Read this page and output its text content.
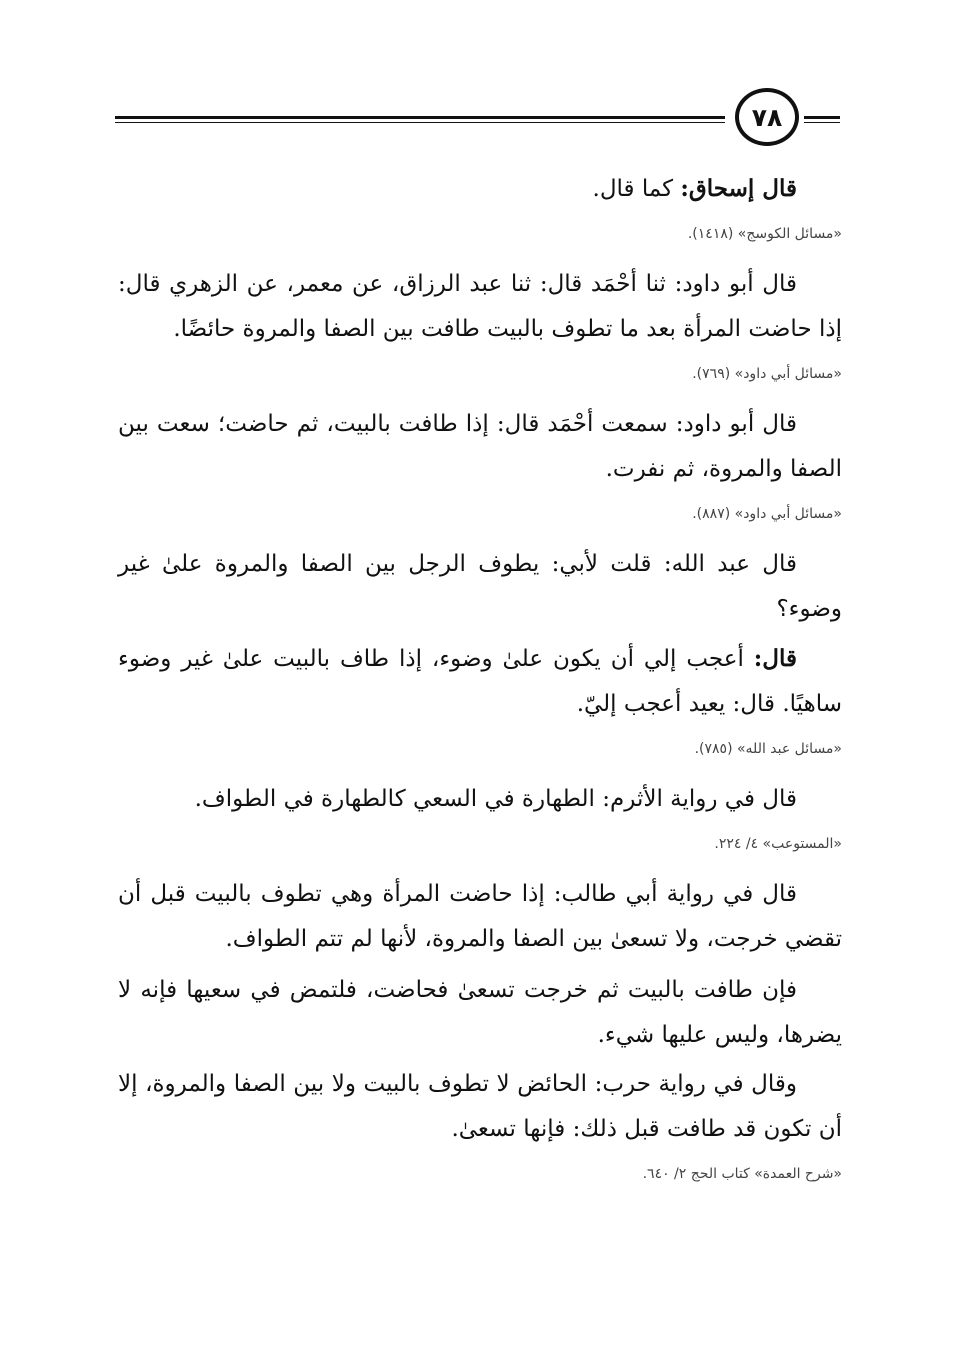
٧٨

قال إسحاق: كما قال.

«مسائل الكوسج» (١٤١٨).

قال أبو داود: ثنا أحْمَد قال: ثنا عبد الرزاق، عن معمر، عن الزهري قال: إذا حاضت المرأة بعد ما تطوف بالبيت طافت بين الصفا والمروة حائضًا.

«مسائل أبي داود» (٧٦٩).

قال أبو داود: سمعت أحْمَد قال: إذا طافت بالبيت، ثم حاضت؛ سعت بين الصفا والمروة، ثم نفرت.

«مسائل أبي داود» (٨٨٧).

قال عبد الله: قلت لأبي: يطوف الرجل بين الصفا والمروة علىٰ غير وضوء؟

قال: أعجب إلي أن يكون علىٰ وضوء، إذا طاف بالبيت علىٰ غير وضوء ساهيًا. قال: يعيد أعجب إليّ.

«مسائل عبد الله» (٧٨٥).

قال في رواية الأثرم: الطهارة في السعي كالطهارة في الطواف.

«المستوعب» ٤/ ٢٢٤.

قال في رواية أبي طالب: إذا حاضت المرأة وهي تطوف بالبيت قبل أن تقضي خرجت، ولا تسعىٰ بين الصفا والمروة، لأنها لم تتم الطواف.

فإن طافت بالبيت ثم خرجت تسعىٰ فحاضت، فلتمض في سعيها فإنه لا يضرها، وليس عليها شيء.

وقال في رواية حرب: الحائض لا تطوف بالبيت ولا بين الصفا والمروة، إلا أن تكون قد طافت قبل ذلك: فإنها تسعىٰ.

«شرح العمدة» كتاب الحج ٢/ ٦٤٠.
